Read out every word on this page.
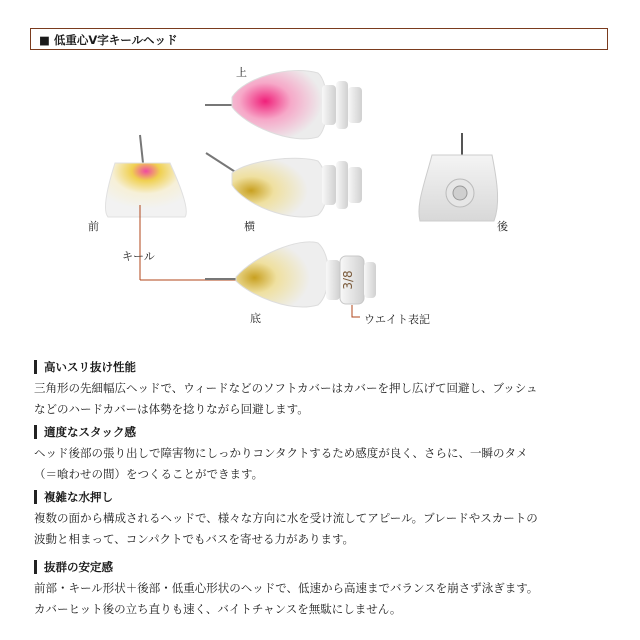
■ 低重心V字キールヘッド
3/8
上
前	横	後
キール
底	ウエイト表記
高いスリ抜け性能
三角形の先細幅広ヘッドで、ウィードなどのソフトカバーはカバーを押し広げて回避し、ブッシュ
などのハードカバーは体勢を捻りながら回避します。
適度なスタック感
ヘッド後部の張り出しで障害物にしっかりコンタクトするため感度が良く、さらに、一瞬のタメ
（＝喰わせの間）をつくることができます。
複雑な水押し
複数の面から構成されるヘッドで、様々な方向に水を受け流してアピール。ブレードやスカートの
波動と相まって、コンパクトでもバスを寄せる力があります。
抜群の安定感
前部・キール形状＋後部・低重心形状のヘッドで、低速から高速までバランスを崩さず泳ぎます。
カバーヒット後の立ち直りも速く、バイトチャンスを無駄にしません。
